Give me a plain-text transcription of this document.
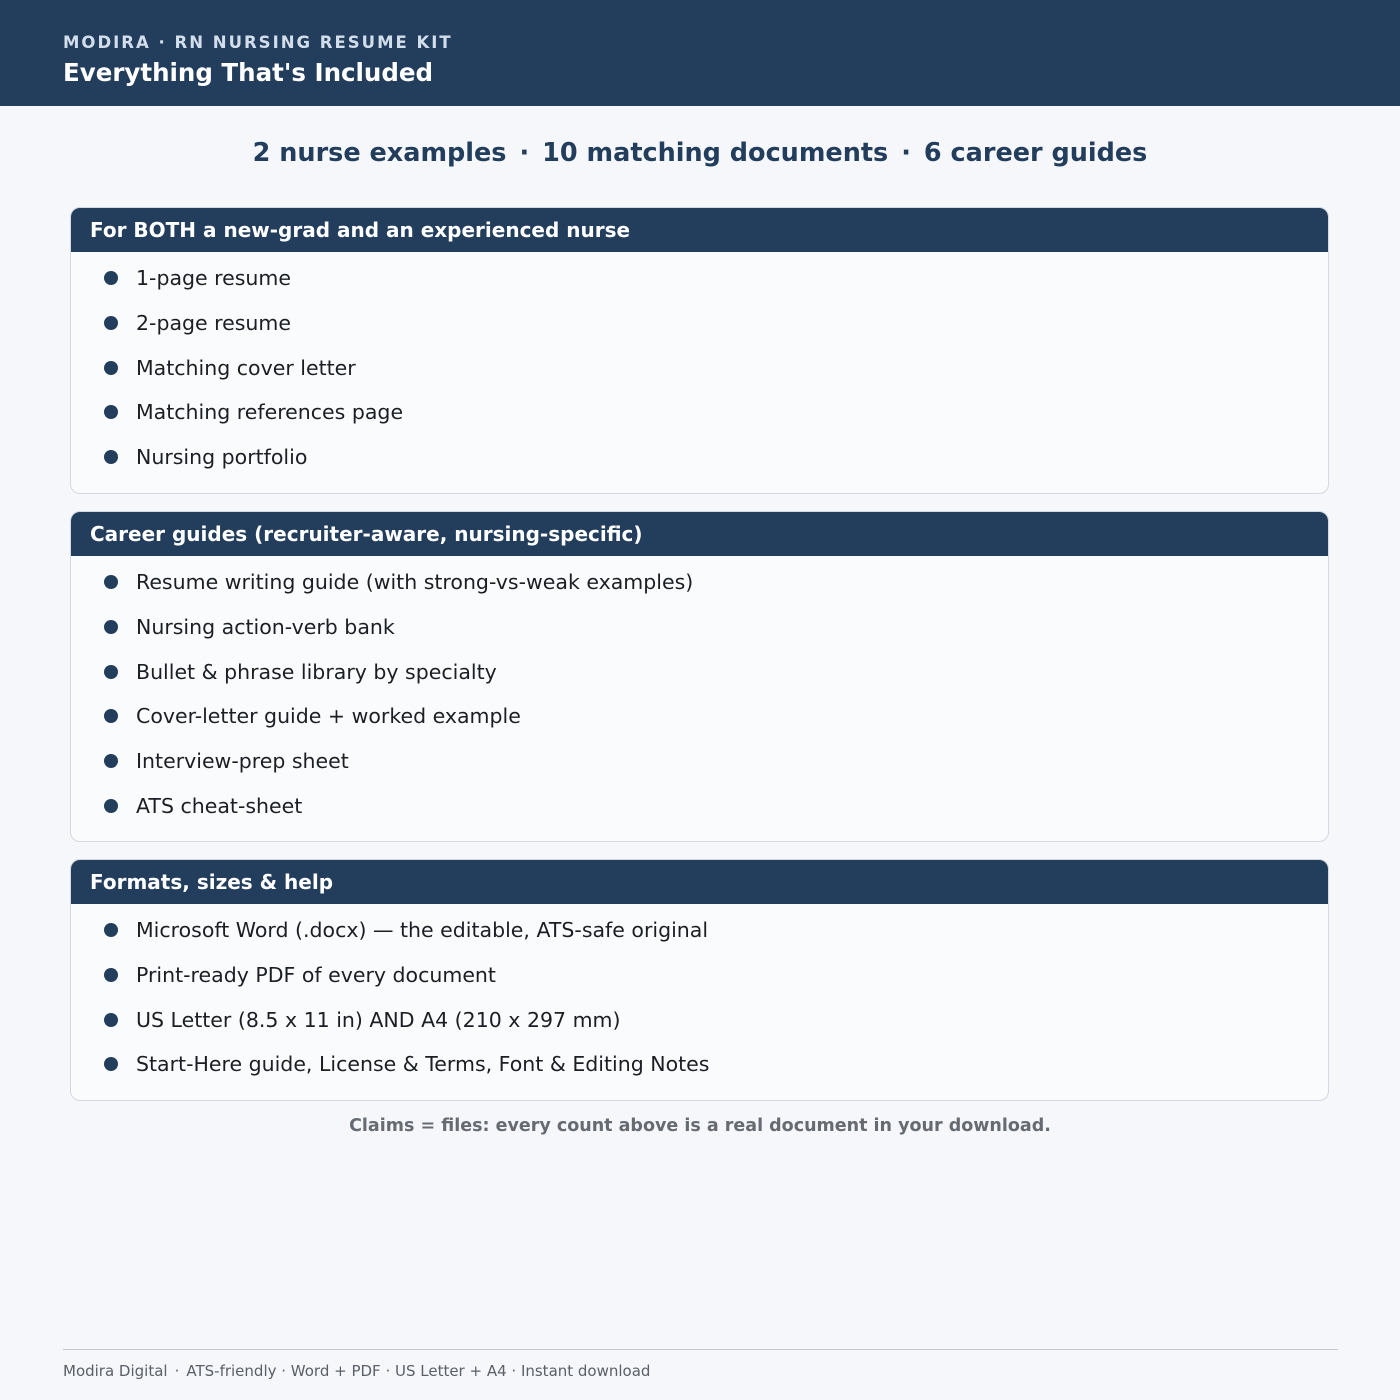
MODIRA · RN NURSING RESUME KIT
Everything That's Included
2 nurse examples · 10 matching documents · 6 career guides
For BOTH a new-grad and an experienced nurse
1-page resume
2-page resume
Matching cover letter
Matching references page
Nursing portfolio
Career guides (recruiter-aware, nursing-specific)
Resume writing guide (with strong-vs-weak examples)
Nursing action-verb bank
Bullet & phrase library by specialty
Cover-letter guide + worked example
Interview-prep sheet
ATS cheat-sheet
Formats, sizes & help
Microsoft Word (.docx) — the editable, ATS-safe original
Print-ready PDF of every document
US Letter (8.5 x 11 in) AND A4 (210 x 297 mm)
Start-Here guide, License & Terms, Font & Editing Notes
Claims = files: every count above is a real document in your download.
Modira Digital · ATS-friendly · Word + PDF · US Letter + A4 · Instant download
